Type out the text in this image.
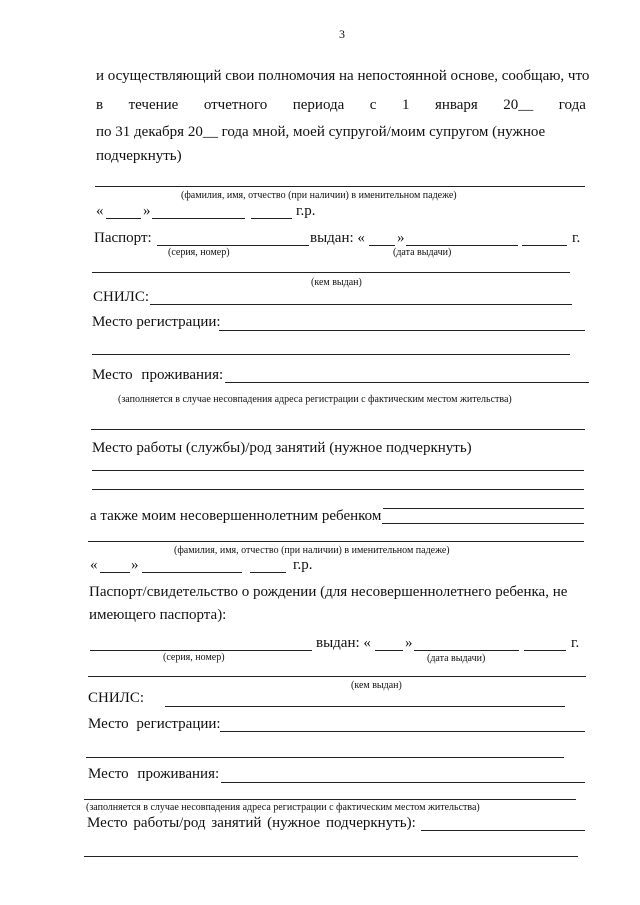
3
и осуществляющий свои полномочия на непостоянной основе, сообщаю, что
в течение отчетного периода с 1 января 20__ года
по 31 декабря 20__ года мной, моей супругой/моим супругом (нужное
подчеркнуть)
(фамилия, имя, отчество (при наличии) в именительном падеже)
«	»	г.р.
Паспорт:	выдан: « »	г.
(серия, номер)	(дата выдачи)
(кем выдан)
СНИЛС:
Место регистрации:
Место проживания:
(заполняется в случае несовпадения адреса регистрации с фактическим местом жительства)
Место работы (службы)/род занятий (нужное подчеркнуть)
а также моим несовершеннолетним ребенком
(фамилия, имя, отчество (при наличии) в именительном падеже)
« »	г.р.
Паспорт/свидетельство о рождении (для несовершеннолетнего ребенка, не
имеющего паспорта):
выдан: « »	г.
(серия, номер)	(дата выдачи)
(кем выдан)
СНИЛС:
Место регистрации:
Место проживания:
(заполняется в случае несовпадения адреса регистрации с фактическим местом жительства)
Место работы/род занятий (нужное подчеркнуть):
